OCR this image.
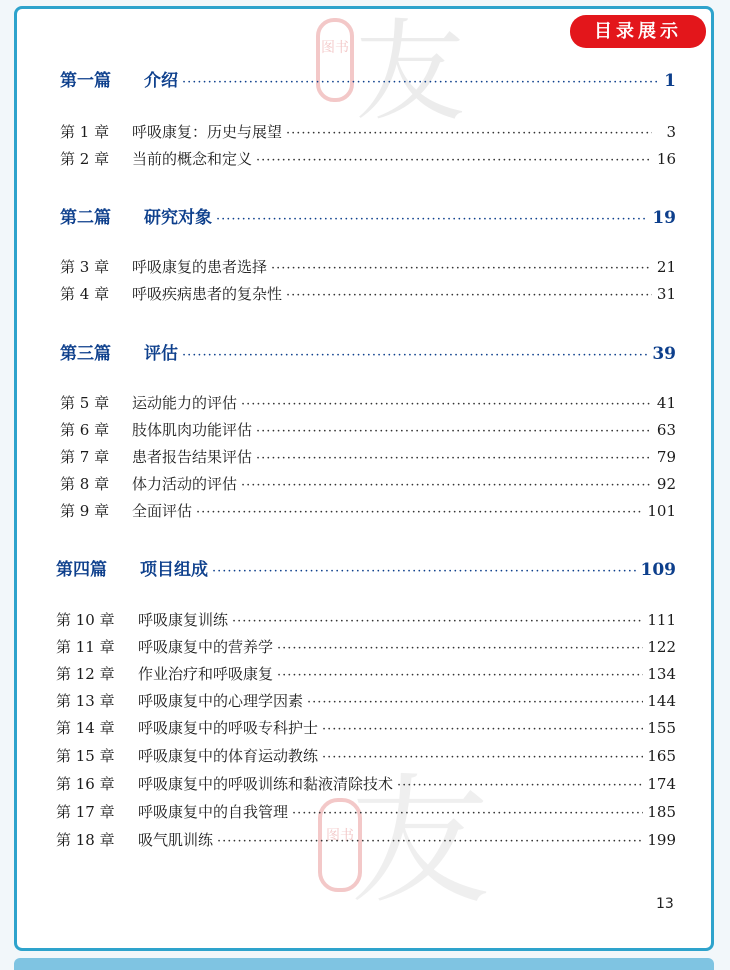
图书 友
图书
友
目录展示
第一篇	介绍 ·····	1
第 1 章	呼吸康复：历史与展望 ·····	3
第 2 章	当前的概念和定义 ·····	16
第二篇	研究对象 ·····	19
第 3 章	呼吸康复的患者选择 ·····	21
第 4 章	呼吸疾病患者的复杂性 ·····	31
第三篇	评估 ·····	39
第 5 章	运动能力的评估 ·····	41
第 6 章	肢体肌肉功能评估 ·····	63
第 7 章	患者报告结果评估 ·····	79
第 8 章	体力活动的评估 ·····	92
第 9 章	全面评估 ·····	101
第四篇	项目组成 ·····	109
第 10 章	呼吸康复训练 ·····	111
第 11 章	呼吸康复中的营养学 ·····	122
第 12 章	作业治疗和呼吸康复 ·····	134
第 13 章	呼吸康复中的心理学因素 ·····	144
第 14 章	呼吸康复中的呼吸专科护士 ·····	155
第 15 章	呼吸康复中的体育运动教练 ·····	165
第 16 章	呼吸康复中的呼吸训练和黏液清除技术 ·····	174
第 17 章	呼吸康复中的自我管理 ·····	185
第 18 章	吸气肌训练 ·····	199
13
